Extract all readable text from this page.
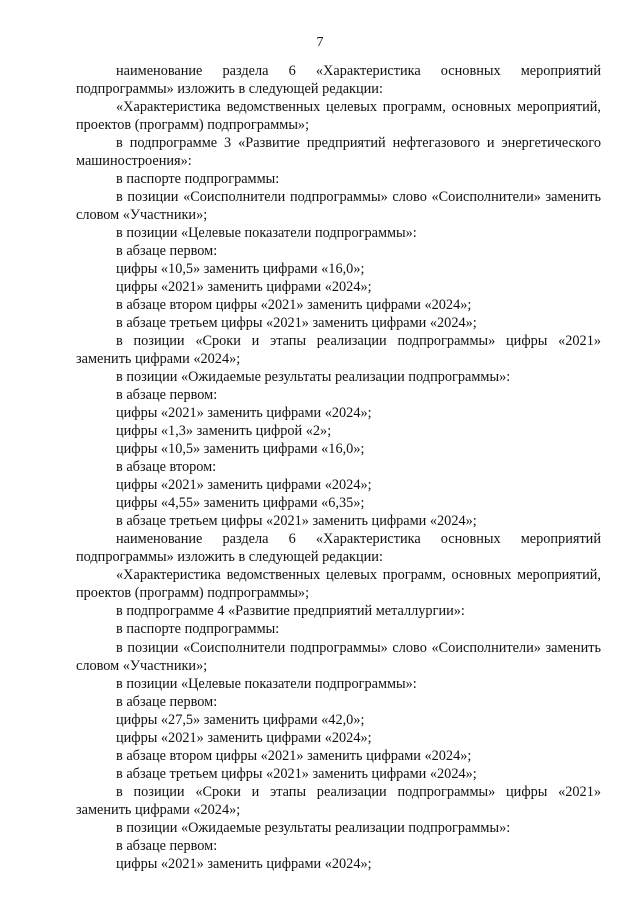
7

наименование раздела 6 «Характеристика основных мероприятий подпрограммы» изложить в следующей редакции:

«Характеристика ведомственных целевых программ, основных мероприятий, проектов (программ) подпрограммы»;

в подпрограмме 3 «Развитие предприятий нефтегазового и энергетического машиностроения»:

в паспорте подпрограммы:

в позиции «Соисполнители подпрограммы» слово «Соисполнители» заменить словом «Участники»;

в позиции «Целевые показатели подпрограммы»:

в абзаце первом:

цифры «10,5» заменить цифрами «16,0»;

цифры «2021» заменить цифрами «2024»;

в абзаце втором цифры «2021» заменить цифрами «2024»;

в абзаце третьем цифры «2021» заменить цифрами «2024»;

в позиции «Сроки и этапы реализации подпрограммы» цифры «2021» заменить цифрами «2024»;

в позиции «Ожидаемые результаты реализации подпрограммы»:

в абзаце первом:

цифры «2021» заменить цифрами «2024»;

цифры «1,3» заменить цифрой «2»;

цифры «10,5» заменить цифрами «16,0»;

в абзаце втором:

цифры «2021» заменить цифрами «2024»;

цифры «4,55» заменить цифрами «6,35»;

в абзаце третьем цифры «2021» заменить цифрами «2024»;

наименование раздела 6 «Характеристика основных мероприятий подпрограммы» изложить в следующей редакции:

«Характеристика ведомственных целевых программ, основных мероприятий, проектов (программ) подпрограммы»;

в подпрограмме 4 «Развитие предприятий металлургии»:

в паспорте подпрограммы:

в позиции «Соисполнители подпрограммы» слово «Соисполнители» заменить словом «Участники»;

в позиции «Целевые показатели подпрограммы»:

в абзаце первом:

цифры «27,5» заменить цифрами «42,0»;

цифры «2021» заменить цифрами «2024»;

в абзаце втором цифры «2021» заменить цифрами «2024»;

в абзаце третьем цифры «2021» заменить цифрами «2024»;

в позиции «Сроки и этапы реализации подпрограммы» цифры «2021» заменить цифрами «2024»;

в позиции «Ожидаемые результаты реализации подпрограммы»:

в абзаце первом:

цифры «2021» заменить цифрами «2024»;
